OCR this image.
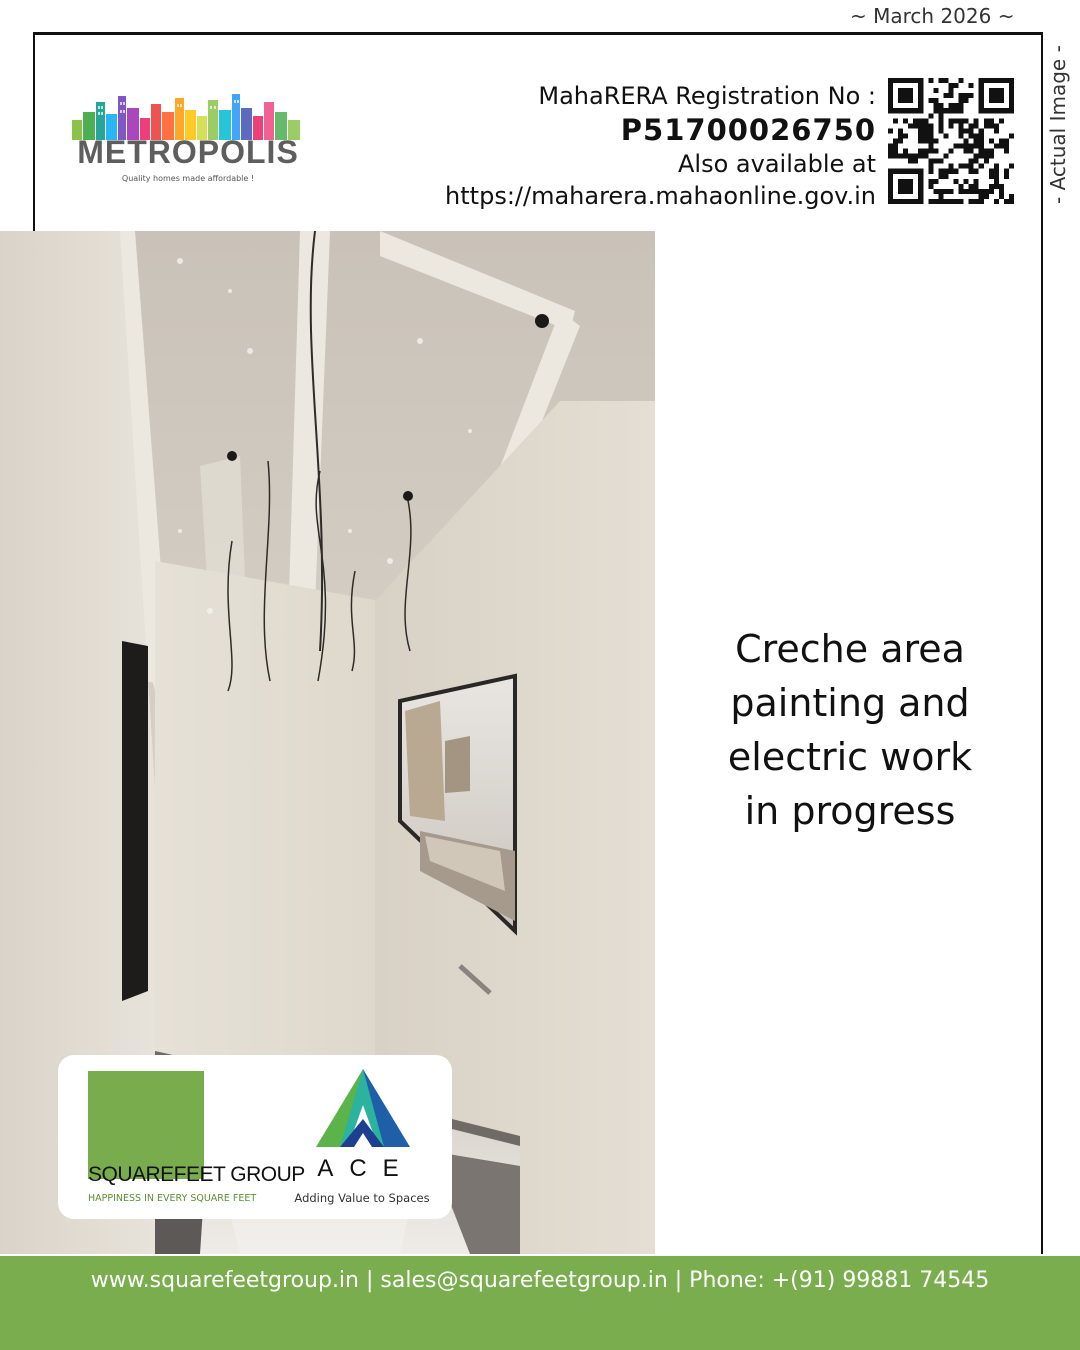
~ March 2026 ~
- Actual Image -
METROPOLIS
Quality homes made affordable !
MahaRERA Registration No :
P51700026750
Also available at
https://maharera.mahaonline.gov.in
Creche area
painting and
electric work
in progress
SQUAREFEET GROUP
HAPPINESS IN EVERY SQUARE FEET
ACE
Adding Value to Spaces
www.squarefeetgroup.in | sales@squarefeetgroup.in | Phone: +(91) 99881 74545
